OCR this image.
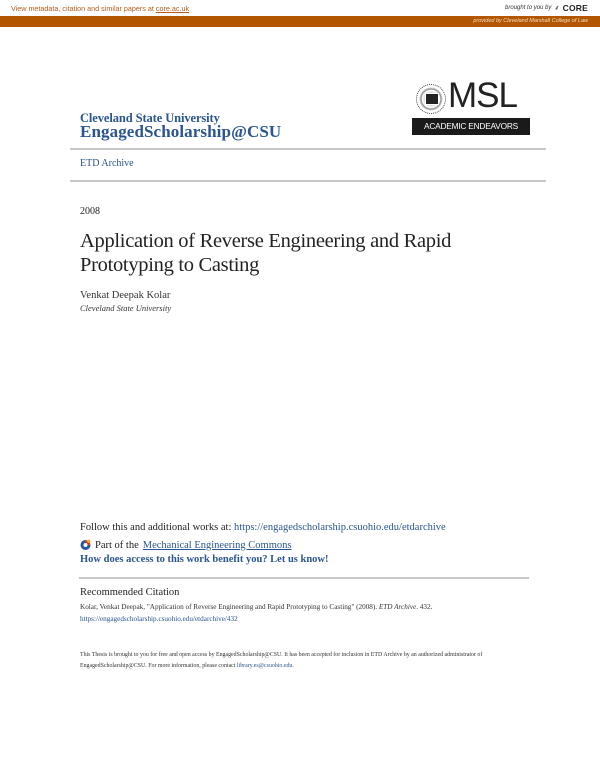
View metadata, citation and similar papers at core.ac.uk	brought to you by ⸙ CORE
provided by Cleveland Marshall College of Law
Cleveland State University
EngagedScholarship@CSU
MSL
ACADEMIC ENDEAVORS
ETD Archive
2008
Application of Reverse Engineering and Rapid Prototyping to Casting
Venkat Deepak Kolar
Cleveland State University
Follow this and additional works at: https://engagedscholarship.csuohio.edu/etdarchive
Part of the Mechanical Engineering Commons
How does access to this work benefit you? Let us know!
Recommended Citation
Kolar, Venkat Deepak, "Application of Reverse Engineering and Rapid Prototyping to Casting" (2008). ETD Archive. 432.
https://engagedscholarship.csuohio.edu/etdarchive/432
This Thesis is brought to you for free and open access by EngagedScholarship@CSU. It has been accepted for inclusion in ETD Archive by an authorized administrator of EngagedScholarship@CSU. For more information, please contact library.es@csuohio.edu.
